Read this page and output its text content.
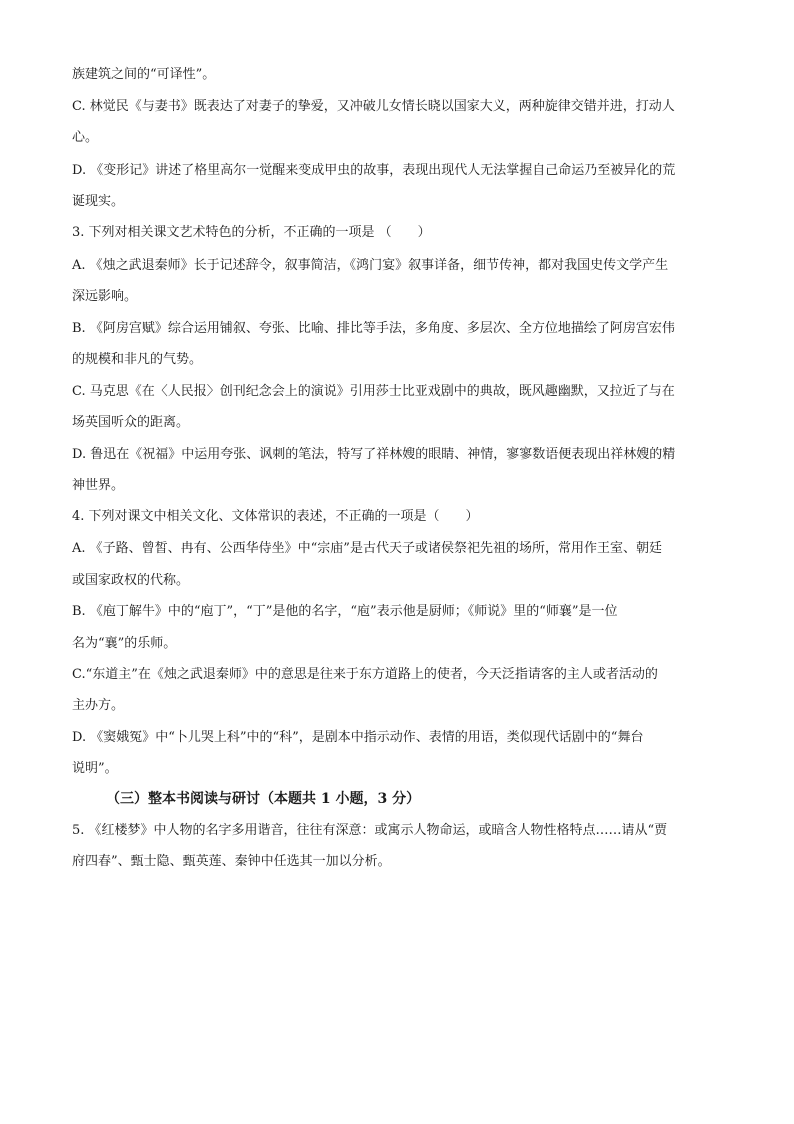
族建筑之间的“可译性”。
C. 林觉民《与妻书》既表达了对妻子的挚爱，又冲破儿女情长晓以国家大义，两种旋律交错并进，打动人
心。
D. 《变形记》讲述了格里高尔一觉醒来变成甲虫的故事，表现出现代人无法掌握自己命运乃至被异化的荒
诞现实。
3. 下列对相关课文艺术特色的分析，不正确的一项是 （　　）
A. 《烛之武退秦师》长于记述辞令，叙事简洁，《鸿门宴》叙事详备，细节传神，都对我国史传文学产生
深远影响。
B. 《阿房宫赋》综合运用铺叙、夸张、比喻、排比等手法，多角度、多层次、全方位地描绘了阿房宫宏伟
的规模和非凡的气势。
C. 马克思《在〈人民报〉创刊纪念会上的演说》引用莎士比亚戏剧中的典故，既风趣幽默，又拉近了与在
场英国听众的距离。
D. 鲁迅在《祝福》中运用夸张、讽刺的笔法，特写了祥林嫂的眼睛、神情，寥寥数语便表现出祥林嫂的精
神世界。
4. 下列对课文中相关文化、文体常识的表述，不正确的一项是（　　）
A. 《子路、曾皙、冉有、公西华侍坐》中“宗庙”是古代天子或诸侯祭祀先祖的场所，常用作王室、朝廷
或国家政权的代称。
B. 《庖丁解牛》中的“庖丁”，“丁”是他的名字，“庖”表示他是厨师；《师说》里的“师襄”是一位
名为“襄”的乐师。
C.“东道主”在《烛之武退秦师》中的意思是往来于东方道路上的使者，今天泛指请客的主人或者活动的
主办方。
D. 《窦娥冤》中“卜儿哭上科”中的“科”，是剧本中指示动作、表情的用语，类似现代话剧中的“舞台
说明”。
（三）整本书阅读与研讨（本题共 1 小题，3 分）
5. 《红楼梦》中人物的名字多用谐音，往往有深意：或寓示人物命运，或暗含人物性格特点……请从“贾
府四春”、甄士隐、甄英莲、秦钟中任选其一加以分析。
